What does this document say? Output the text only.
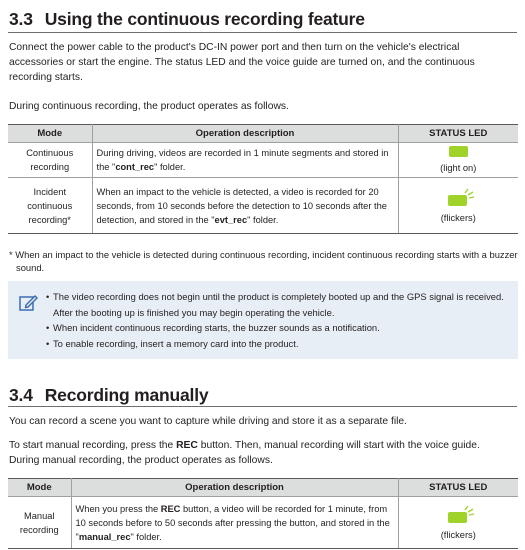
3.3 Using the continuous recording feature
Connect the power cable to the product's DC-IN power port and then turn on the vehicle's electrical accessories or start the engine. The status LED and the voice guide are turned on, and the continuous recording starts.
During continuous recording, the product operates as follows.
Mode	Operation description	STATUS LED
Continuous recording	During driving, videos are recorded in 1 minute segments and stored in the "cont_rec" folder.	(light on)

Incident continuous recording*	When an impact to the vehicle is detected, a video is recorded for 20 seconds, from 10 seconds before the detection to 10 seconds after the detection, and stored in the "evt_rec" folder.	(flickers)
* When an impact to the vehicle is detected during continuous recording, incident continuous recording starts with a buzzer sound.
• The video recording does not begin until the product is completely booted up and the GPS signal is received. After the booting up is finished you may begin operating the vehicle.
• When incident continuous recording starts, the buzzer sounds as a notification.
• To enable recording, insert a memory card into the product.
3.4 Recording manually
You can record a scene you want to capture while driving and store it as a separate file.
To start manual recording, press the REC button. Then, manual recording will start with the voice guide. During manual recording, the product operates as follows.
Mode	Operation description	STATUS LED
Manual recording	When you press the REC button, a video will be recorded for 1 minute, from 10 seconds before to 50 seconds after pressing the button, and stored in the "manual_rec" folder.	(flickers)
